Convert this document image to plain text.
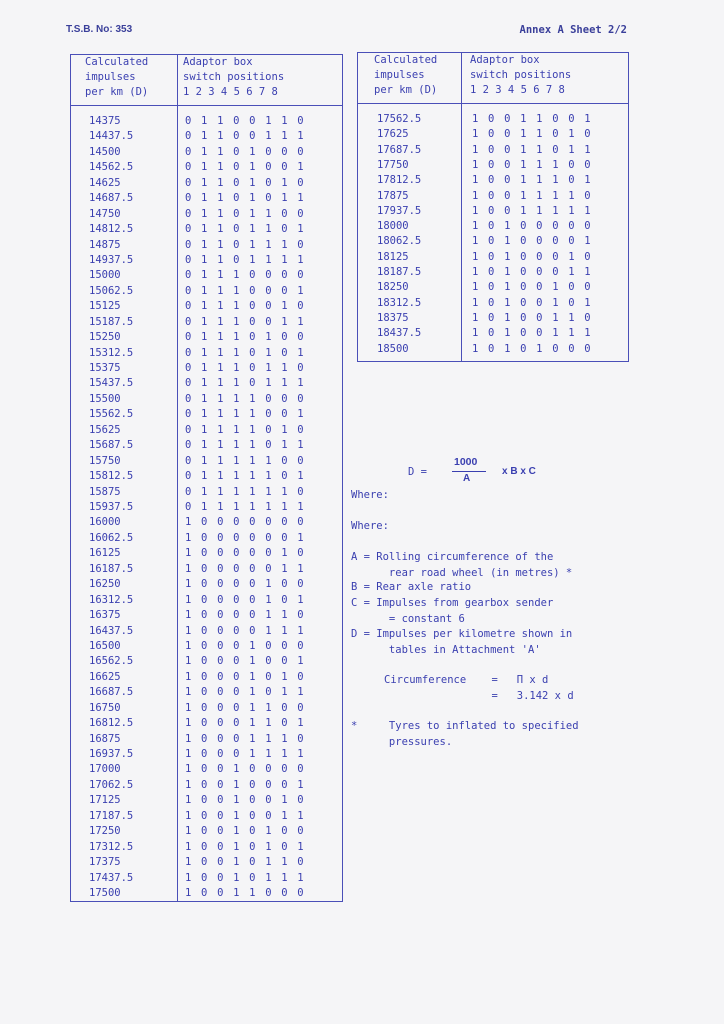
T.S.B. No: 353	Annex A Sheet 2/2
Calculated
impulses
per km (D)
Adaptor box
switch positions
1 2 3 4 5 6 7 8
14375	0 1 1 0 0 1 1 0
14437.5	0 1 1 0 0 1 1 1
14500	0 1 1 0 1 0 0 0
14562.5	0 1 1 0 1 0 0 1
14625	0 1 1 0 1 0 1 0
14687.5	0 1 1 0 1 0 1 1
14750	0 1 1 0 1 1 0 0
14812.5	0 1 1 0 1 1 0 1
14875	0 1 1 0 1 1 1 0
14937.5	0 1 1 0 1 1 1 1
15000	0 1 1 1 0 0 0 0
15062.5	0 1 1 1 0 0 0 1
15125	0 1 1 1 0 0 1 0
15187.5	0 1 1 1 0 0 1 1
15250	0 1 1 1 0 1 0 0
15312.5	0 1 1 1 0 1 0 1
15375	0 1 1 1 0 1 1 0
15437.5	0 1 1 1 0 1 1 1
15500	0 1 1 1 1 0 0 0
15562.5	0 1 1 1 1 0 0 1
15625	0 1 1 1 1 0 1 0
15687.5	0 1 1 1 1 0 1 1
15750	0 1 1 1 1 1 0 0
15812.5	0 1 1 1 1 1 0 1
15875	0 1 1 1 1 1 1 0
15937.5	0 1 1 1 1 1 1 1
16000	1 0 0 0 0 0 0 0
16062.5	1 0 0 0 0 0 0 1
16125	1 0 0 0 0 0 1 0
16187.5	1 0 0 0 0 0 1 1
16250	1 0 0 0 0 1 0 0
16312.5	1 0 0 0 0 1 0 1
16375	1 0 0 0 0 1 1 0
16437.5	1 0 0 0 0 1 1 1
16500	1 0 0 0 1 0 0 0
16562.5	1 0 0 0 1 0 0 1
16625	1 0 0 0 1 0 1 0
16687.5	1 0 0 0 1 0 1 1
16750	1 0 0 0 1 1 0 0
16812.5	1 0 0 0 1 1 0 1
16875	1 0 0 0 1 1 1 0
16937.5	1 0 0 0 1 1 1 1
17000	1 0 0 1 0 0 0 0
17062.5	1 0 0 1 0 0 0 1
17125	1 0 0 1 0 0 1 0
17187.5	1 0 0 1 0 0 1 1
17250	1 0 0 1 0 1 0 0
17312.5	1 0 0 1 0 1 0 1
17375	1 0 0 1 0 1 1 0
17437.5	1 0 0 1 0 1 1 1
17500	1 0 0 1 1 0 0 0
Calculated
impulses
per km (D)
Adaptor box
switch positions
1 2 3 4 5 6 7 8
17562.5	1 0 0 1 1 0 0 1
17625	1 0 0 1 1 0 1 0
17687.5	1 0 0 1 1 0 1 1
17750	1 0 0 1 1 1 0 0
17812.5	1 0 0 1 1 1 0 1
17875	1 0 0 1 1 1 1 0
17937.5	1 0 0 1 1 1 1 1
18000	1 0 1 0 0 0 0 0
18062.5	1 0 1 0 0 0 0 1
18125	1 0 1 0 0 0 1 0
18187.5	1 0 1 0 0 0 1 1
18250	1 0 1 0 0 1 0 0
18312.5	1 0 1 0 0 1 0 1
18375	1 0 1 0 0 1 1 0
18437.5	1 0 1 0 0 1 1 1
18500	1 0 1 0 1 0 0 0

D =

1000

A

x B x C

Where:
Where:
A = Rolling circumference of the
rear road wheel (in metres) *
B = Rear axle ratio
C = Impulses from gearbox sender
= constant 6
D = Impulses per kilometre shown in
tables in Attachment 'A'
Circumference    =   Π x d
=   3.142 x d
*     Tyres to inflated to specified
pressures.
